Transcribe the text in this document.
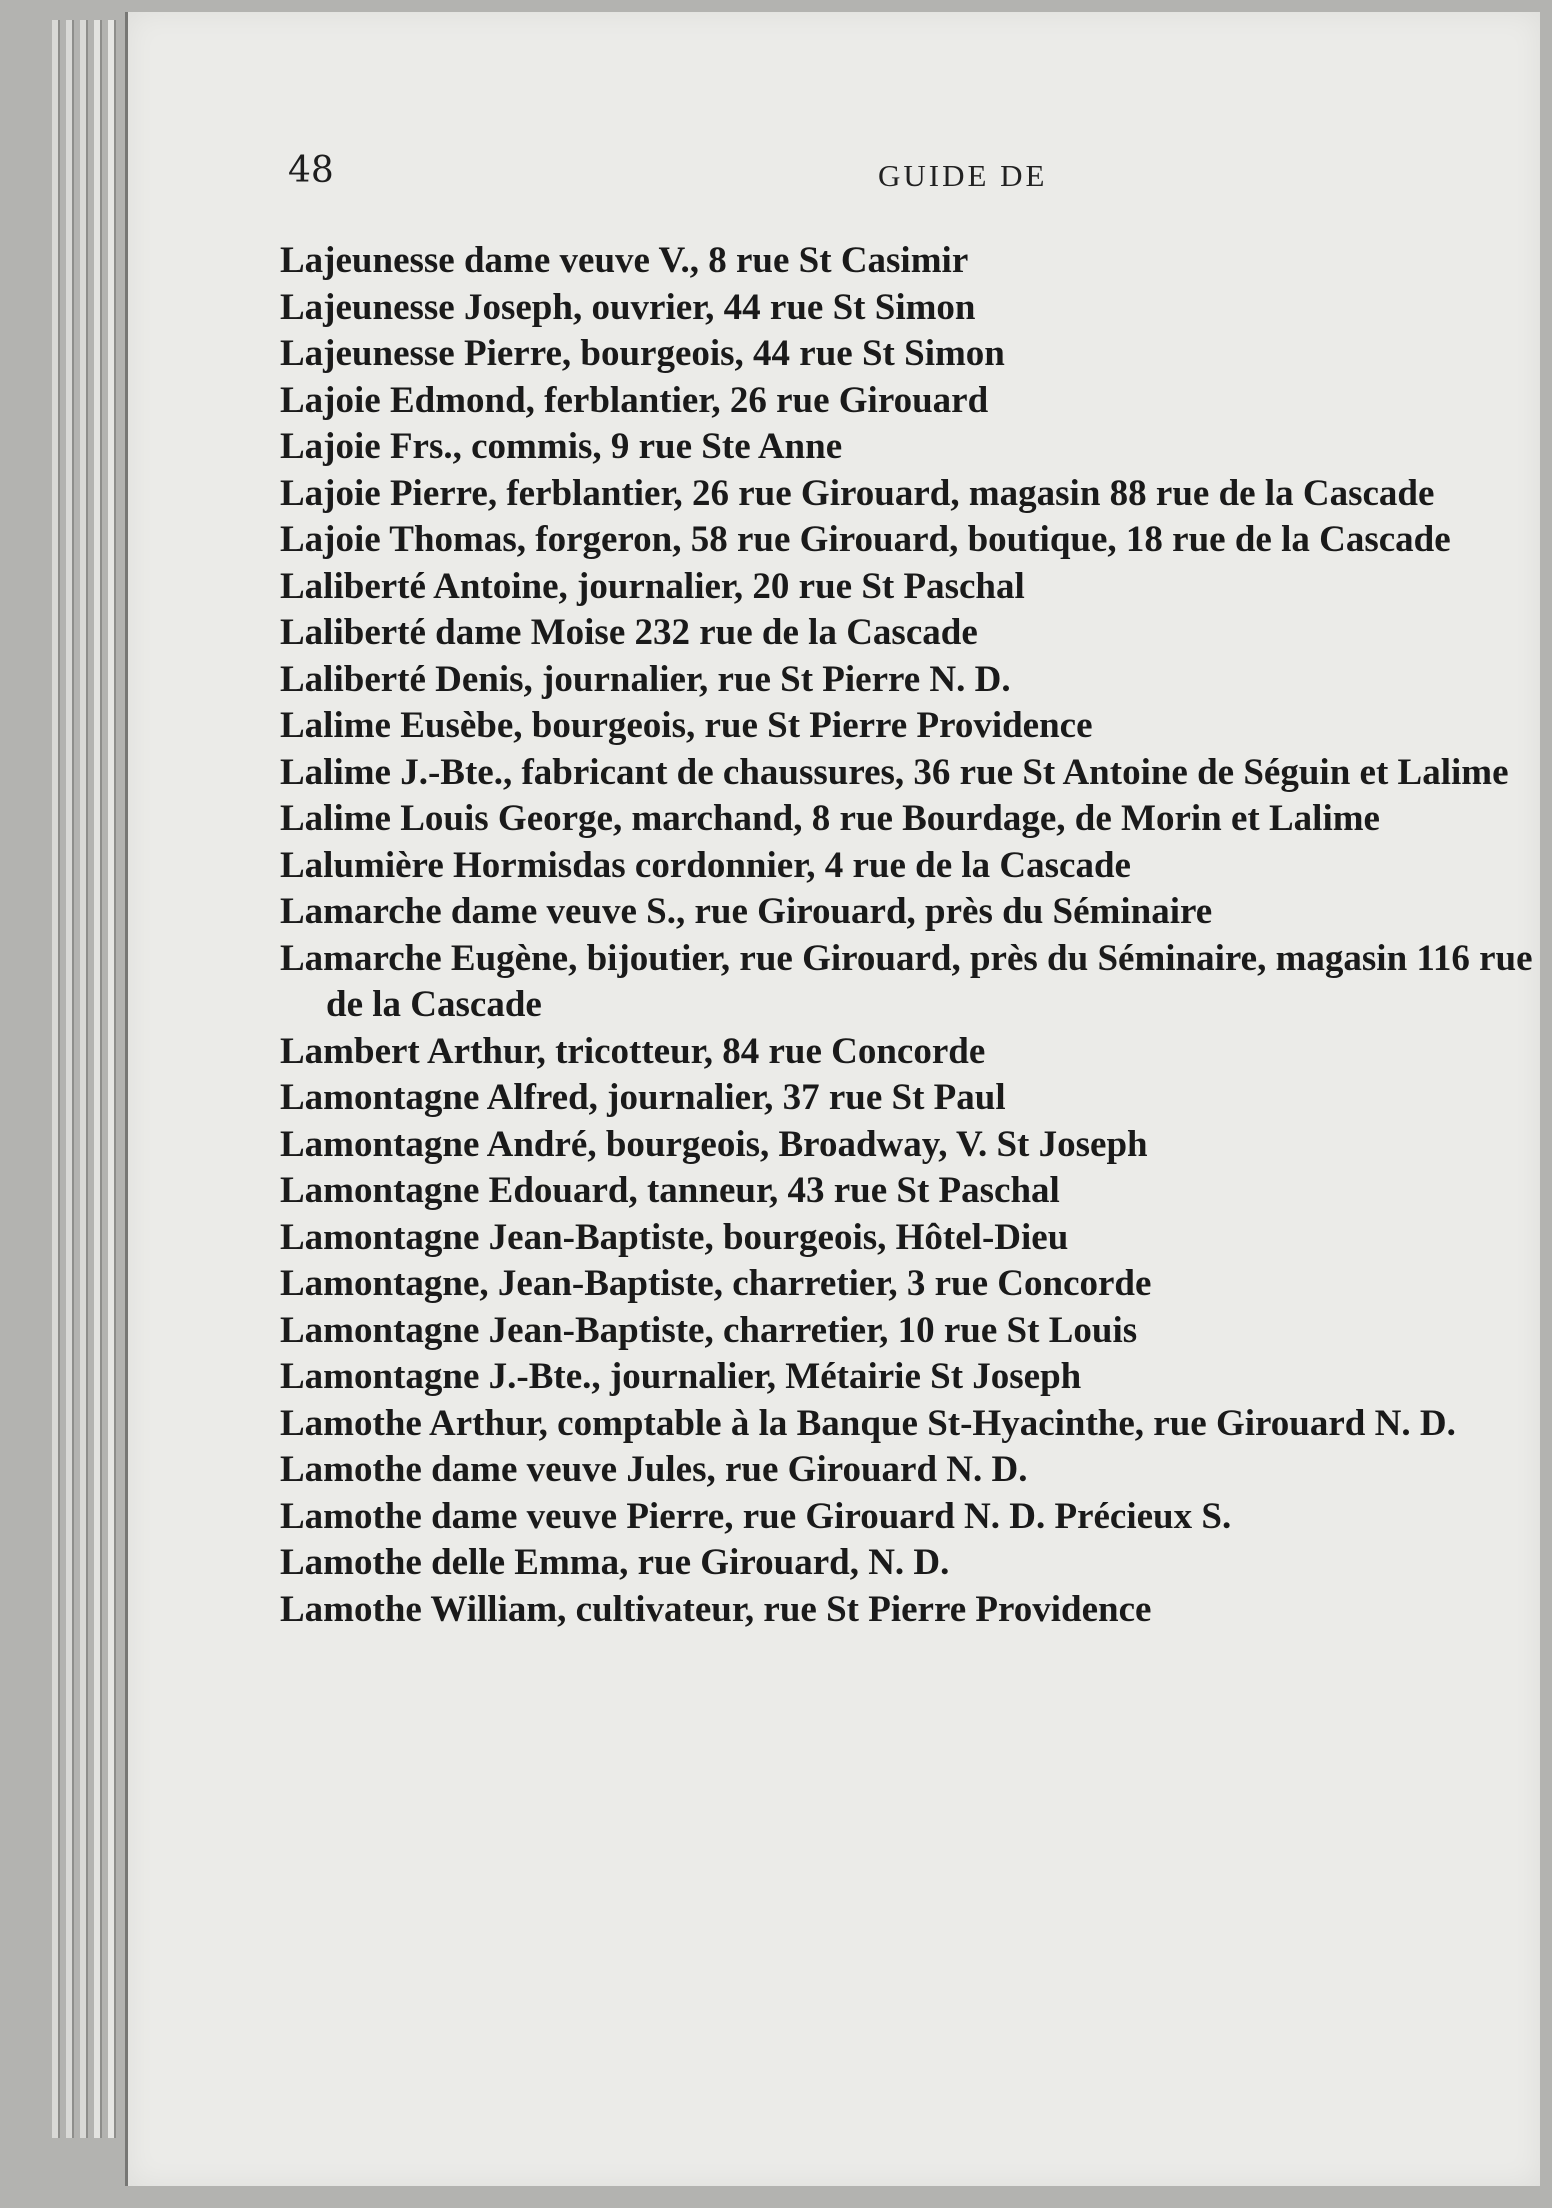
48	GUIDE DE
Lajeunesse dame veuve V., 8 rue St Casimir
Lajeunesse Joseph, ouvrier, 44 rue St Simon
Lajeunesse Pierre, bourgeois, 44 rue St Simon
Lajoie Edmond, ferblantier, 26 rue Girouard
Lajoie Frs., commis, 9 rue Ste Anne
Lajoie Pierre, ferblantier, 26 rue Girouard, magasin 88 rue de la Cascade
Lajoie Thomas, forgeron, 58 rue Girouard, boutique, 18 rue de la Cascade
Laliberté Antoine, journalier, 20 rue St Paschal
Laliberté dame Moise 232 rue de la Cascade
Laliberté Denis, journalier, rue St Pierre N. D.
Lalime Eusèbe, bourgeois, rue St Pierre Providence
Lalime J.-Bte., fabricant de chaussures, 36 rue St Antoine de Séguin et Lalime
Lalime Louis George, marchand, 8 rue Bourdage, de Morin et Lalime
Lalumière Hormisdas cordonnier, 4 rue de la Cascade
Lamarche dame veuve S., rue Girouard, près du Séminaire
Lamarche Eugène, bijoutier, rue Girouard, près du Séminaire, magasin 116 rue de la Cascade
Lambert Arthur, tricotteur, 84 rue Concorde
Lamontagne Alfred, journalier, 37 rue St Paul
Lamontagne André, bourgeois, Broadway, V. St Joseph
Lamontagne Edouard, tanneur, 43 rue St Paschal
Lamontagne Jean-Baptiste, bourgeois, Hôtel-Dieu
Lamontagne, Jean-Baptiste, charretier, 3 rue Concorde
Lamontagne Jean-Baptiste, charretier, 10 rue St Louis
Lamontagne J.-Bte., journalier, Métairie St Joseph
Lamothe Arthur, comptable à la Banque St-Hyacinthe, rue Girouard N. D.
Lamothe dame veuve Jules, rue Girouard N. D.
Lamothe dame veuve Pierre, rue Girouard N. D. Précieux S.
Lamothe delle Emma, rue Girouard, N. D.
Lamothe William, cultivateur, rue St Pierre Providence
